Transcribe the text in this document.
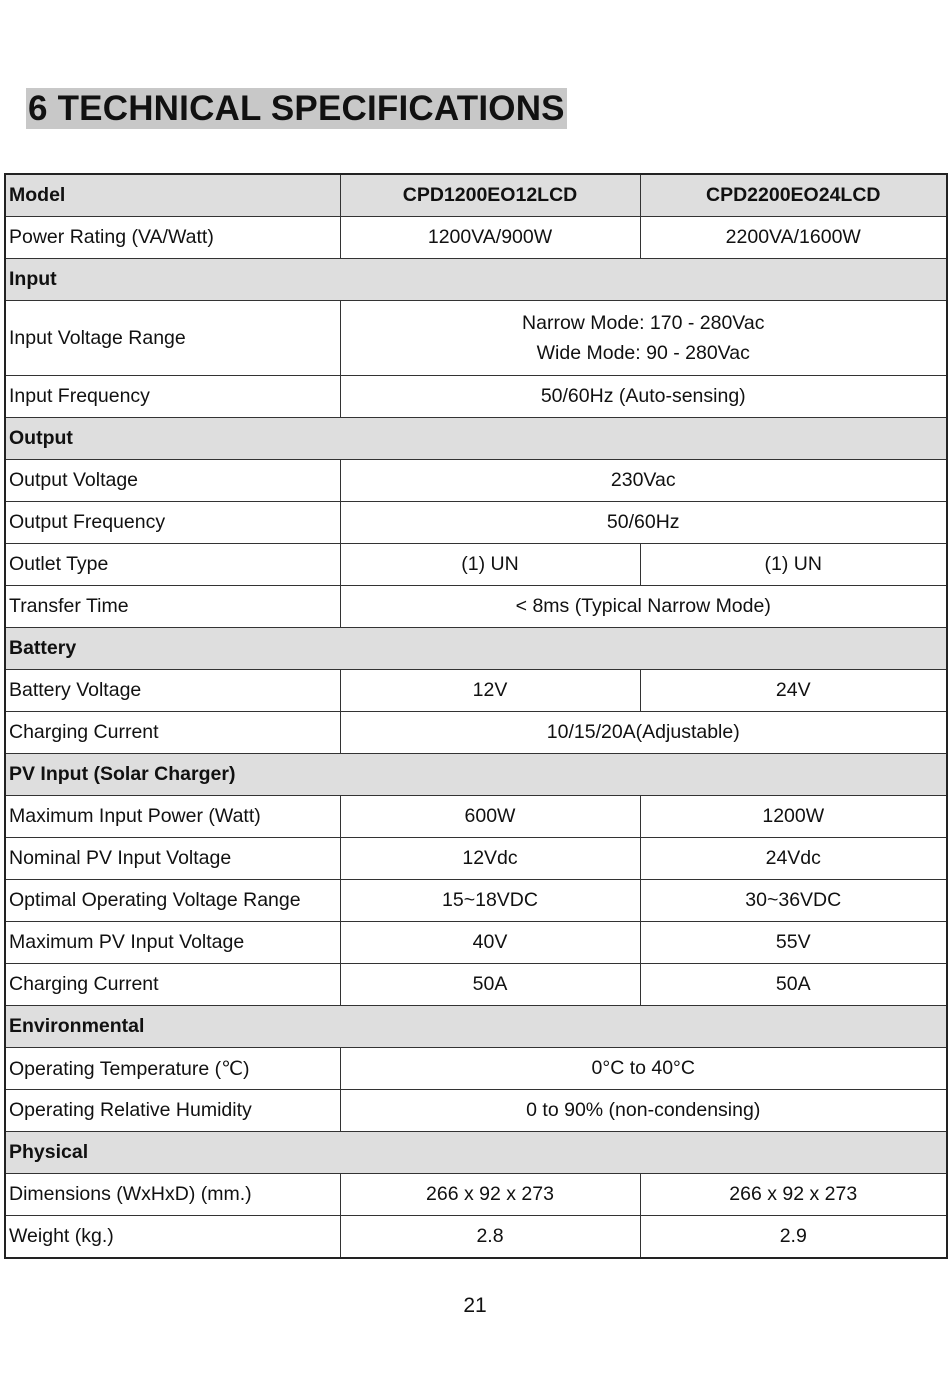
6 TECHNICAL SPECIFICATIONS
Model	CPD1200EO12LCD	CPD2200EO24LCD
Power Rating (VA/Watt)	1200VA/900W	2200VA/1600W
Input		
Input Voltage Range	Narrow Mode: 170 - 280Vac
Wide Mode: 90 - 280Vac	

Input Frequency	50/60Hz (Auto-sensing)	
Output		
Output Voltage	230Vac	
Output Frequency	50/60Hz	
Outlet Type	(1) UN	(1) UN
Transfer Time	< 8ms (Typical Narrow Mode)	
Battery		
Battery Voltage	12V	24V
Charging Current	10/15/20A(Adjustable)	
PV Input (Solar Charger)		
Maximum Input Power (Watt)	600W	1200W
Nominal PV Input Voltage	12Vdc	24Vdc
Optimal Operating Voltage Range	15~18VDC	30~36VDC
Maximum PV Input Voltage	40V	55V
Charging Current	50A	50A
Environmental		
Operating Temperature (℃)	0°C to 40°C	
Operating Relative Humidity	0 to 90% (non-condensing)	
Physical		
Dimensions (WxHxD) (mm.)	266 x 92 x 273	266 x 92 x 273
Weight (kg.)	2.8	2.9
21
